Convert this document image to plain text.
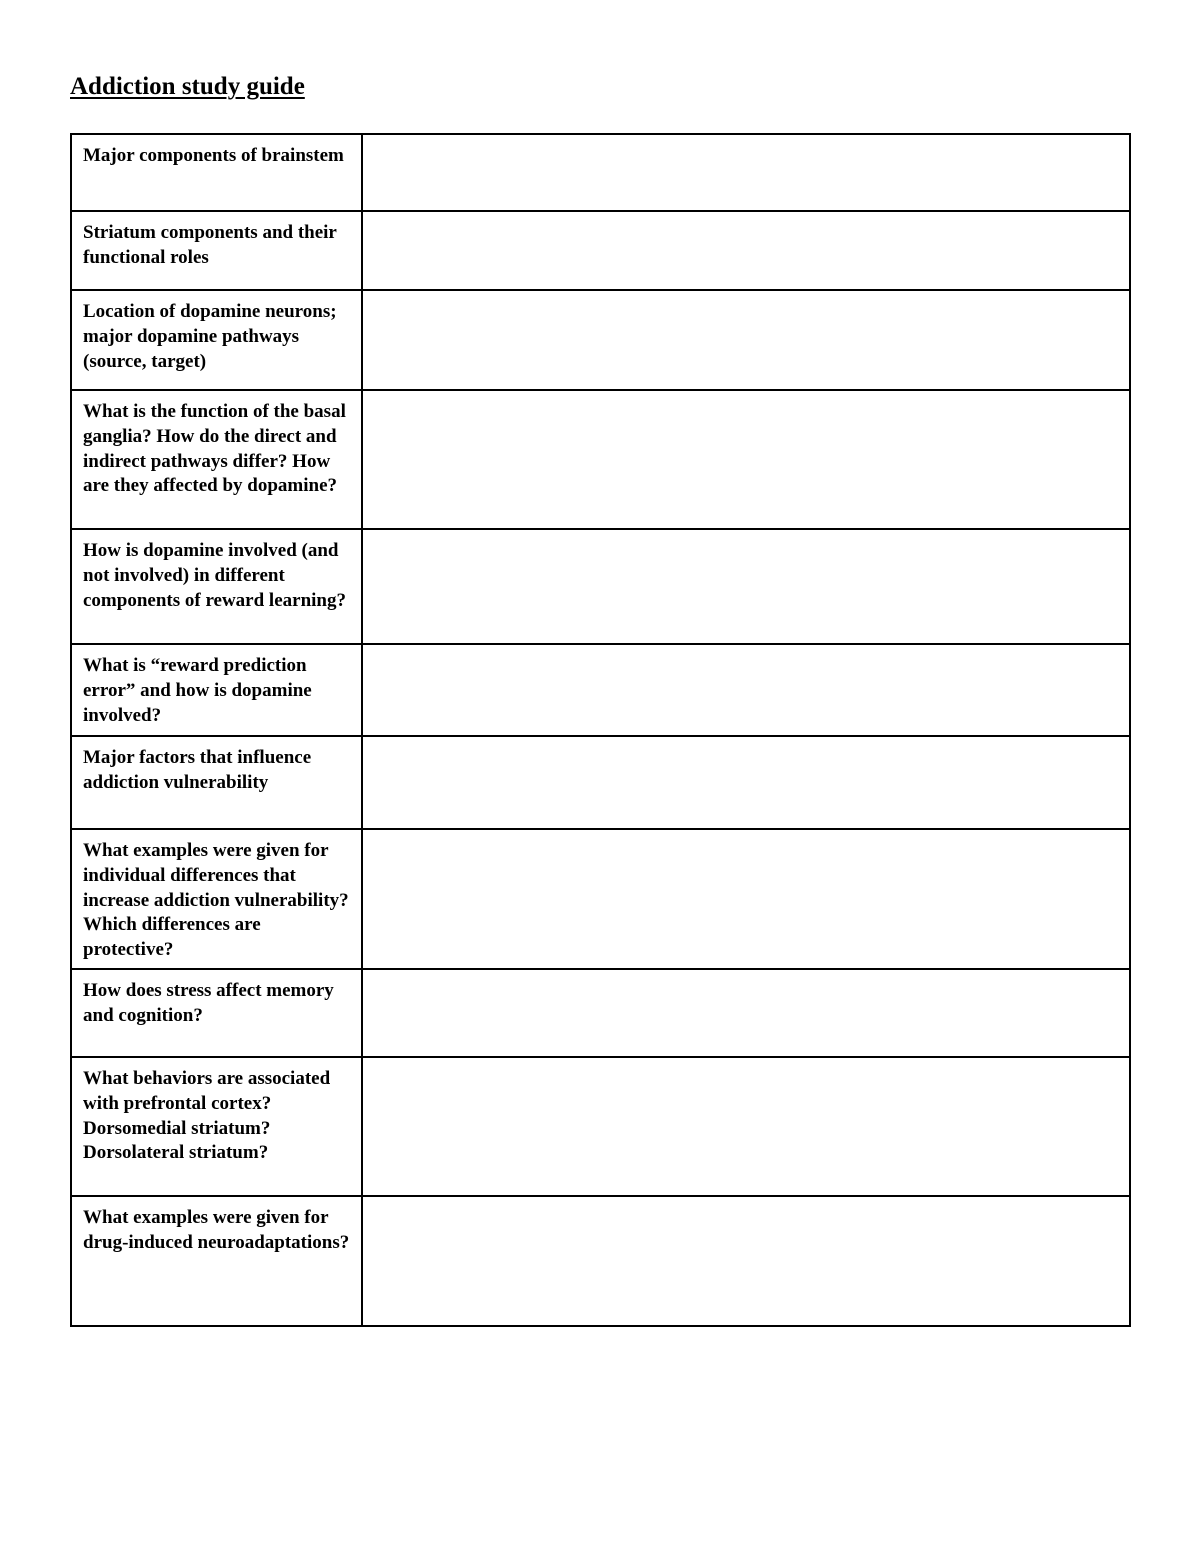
Addiction study guide
Major components of brainstem	
Striatum components and their functional roles	
Location of dopamine neurons; major dopamine pathways (source, target)	
What is the function of the basal ganglia? How do the direct and indirect pathways differ? How are they affected by dopamine?	
How is dopamine involved (and not involved) in different components of reward learning?	
What is “reward prediction error” and how is dopamine involved?	
Major factors that influence addiction vulnerability	
What examples were given for individual differences that increase addiction vulnerability? Which differences are protective?	
How does stress affect memory and cognition?	
What behaviors are associated with prefrontal cortex? Dorsomedial striatum? Dorsolateral striatum?	
What examples were given for drug-induced neuroadaptations?	
